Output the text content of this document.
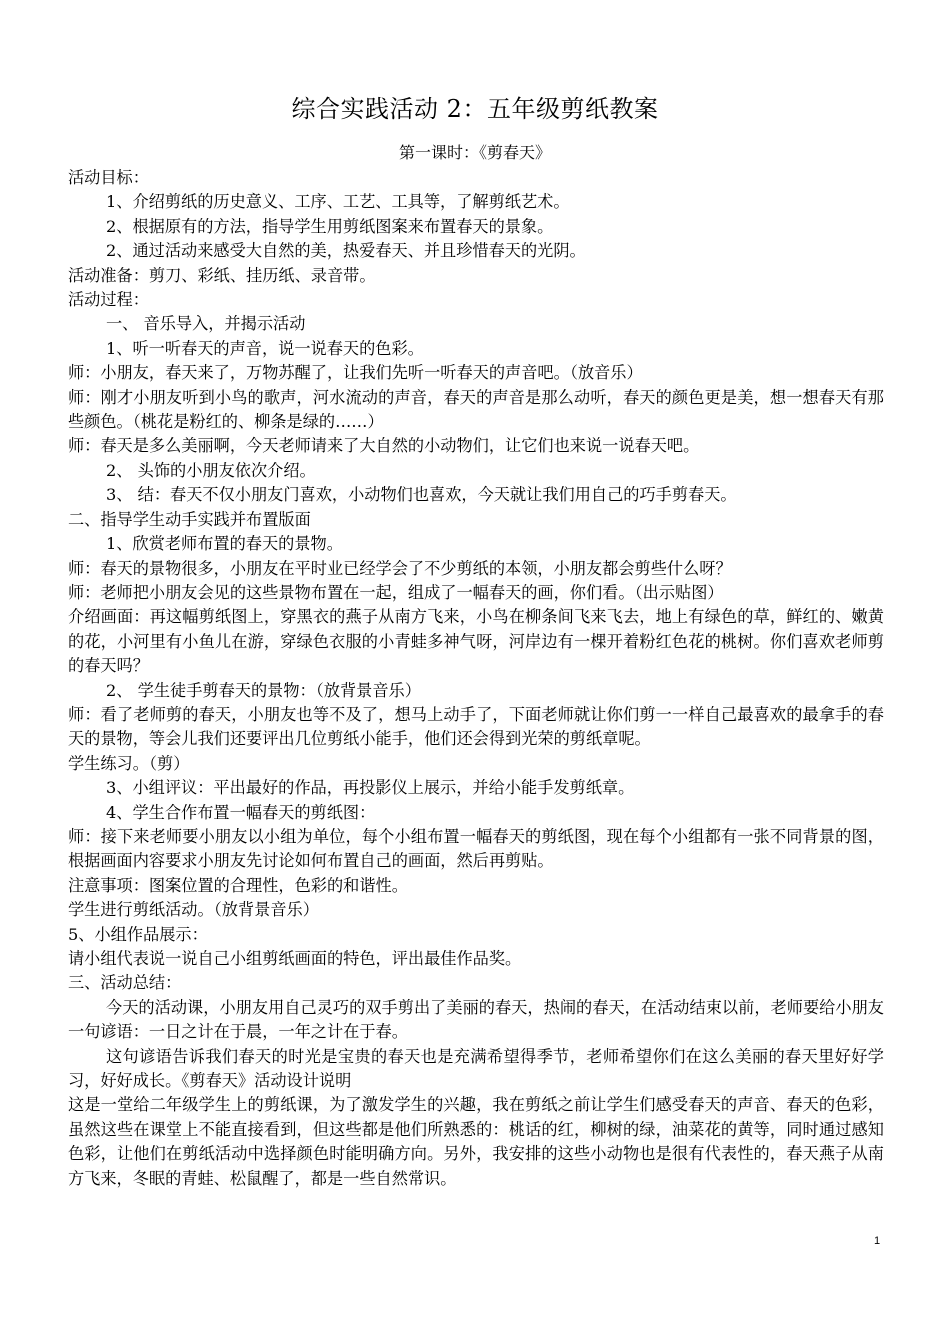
综合实践活动 2：五年级剪纸教案
第一课时：《剪春天》

活动目标：

1、介绍剪纸的历史意义、工序、工艺、工具等，了解剪纸艺术。

2、根据原有的方法，指导学生用剪纸图案来布置春天的景象。

2、通过活动来感受大自然的美，热爱春天、并且珍惜春天的光阴。

活动准备：剪刀、彩纸、挂历纸、录音带。

活动过程：

一、 音乐导入，并揭示活动

1、听一听春天的声音，说一说春天的色彩。

师：小朋友，春天来了，万物苏醒了，让我们先听一听春天的声音吧。（放音乐）

师：刚才小朋友听到小鸟的歌声，河水流动的声音，春天的声音是那么动听，春天的颜色更是美，想一想春天有那些颜色。（桃花是粉红的、柳条是绿的……）

师：春天是多么美丽啊，今天老师请来了大自然的小动物们，让它们也来说一说春天吧。

2、 头饰的小朋友依次介绍。

3、 结：春天不仅小朋友门喜欢，小动物们也喜欢，今天就让我们用自己的巧手剪春天。

二、指导学生动手实践并布置版面

1、欣赏老师布置的春天的景物。

师：春天的景物很多，小朋友在平时业已经学会了不少剪纸的本领，小朋友都会剪些什么呀？

师：老师把小朋友会见的这些景物布置在一起，组成了一幅春天的画，你们看。（出示贴图）

介绍画面：再这幅剪纸图上，穿黑衣的燕子从南方飞来，小鸟在柳条间飞来飞去，地上有绿色的草，鲜红的、嫩黄的花，小河里有小鱼儿在游，穿绿色衣服的小青蛙多神气呀，河岸边有一棵开着粉红色花的桃树。你们喜欢老师剪的春天吗？

2、 学生徒手剪春天的景物：（放背景音乐）

师：看了老师剪的春天，小朋友也等不及了，想马上动手了，下面老师就让你们剪一一样自己最喜欢的最拿手的春天的景物，等会儿我们还要评出几位剪纸小能手，他们还会得到光荣的剪纸章呢。

学生练习。（剪）

3、小组评议：平出最好的作品，再投影仪上展示，并给小能手发剪纸章。

4、学生合作布置一幅春天的剪纸图：

师：接下来老师要小朋友以小组为单位，每个小组布置一幅春天的剪纸图，现在每个小组都有一张不同背景的图，根据画面内容要求小朋友先讨论如何布置自己的画面，然后再剪贴。

注意事项：图案位置的合理性，色彩的和谐性。

学生进行剪纸活动。（放背景音乐）

5、小组作品展示：

请小组代表说一说自己小组剪纸画面的特色，评出最佳作品奖。

三、活动总结：

今天的活动课，小朋友用自己灵巧的双手剪出了美丽的春天，热闹的春天，在活动结束以前，老师要给小朋友一句谚语：一日之计在于晨，一年之计在于春。

这句谚语告诉我们春天的时光是宝贵的春天也是充满希望得季节，老师希望你们在这么美丽的春天里好好学习，好好成长。《剪春天》活动设计说明

这是一堂给二年级学生上的剪纸课，为了激发学生的兴趣，我在剪纸之前让学生们感受春天的声音、春天的色彩，虽然这些在课堂上不能直接看到，但这些都是他们所熟悉的：桃话的红，柳树的绿，油菜花的黄等，同时通过感知色彩，让他们在剪纸活动中选择颜色时能明确方向。另外，我安排的这些小动物也是很有代表性的，春天燕子从南方飞来，冬眠的青蛙、松鼠醒了，都是一些自然常识。

1
